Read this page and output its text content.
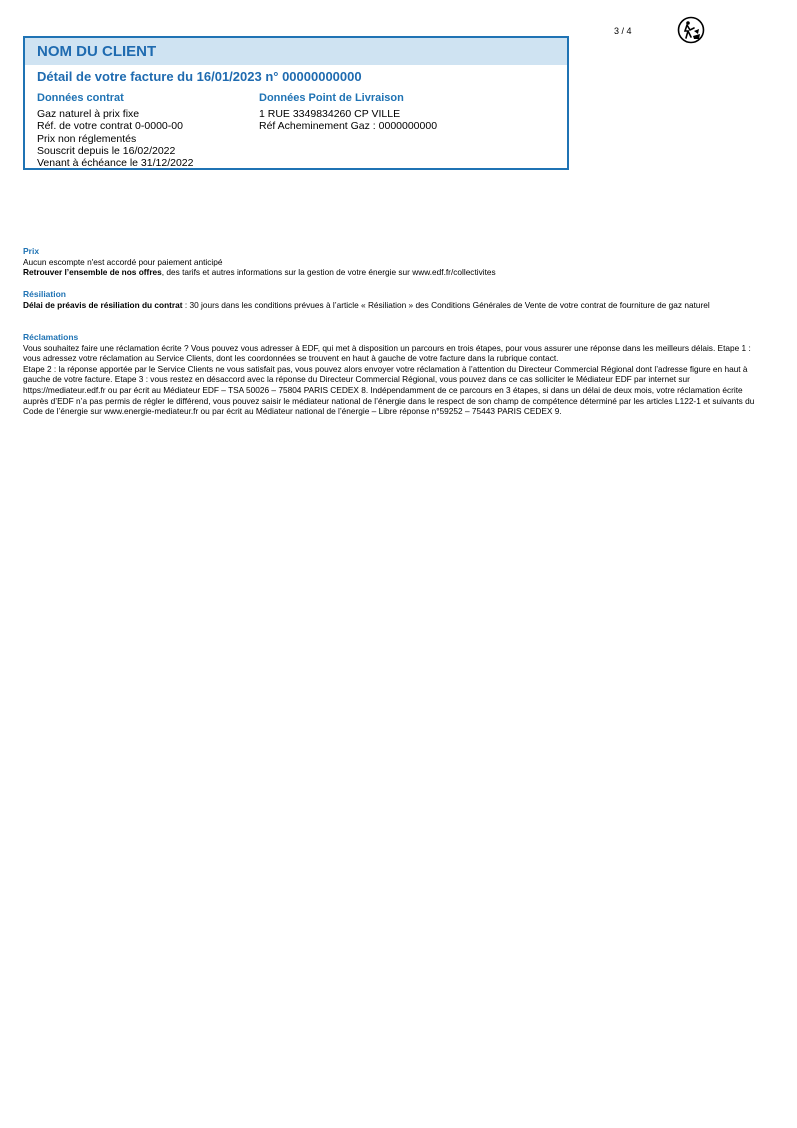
3 / 4
NOM DU CLIENT
Détail de votre facture du 16/01/2023 n° 00000000000
Données contrat
Gaz naturel à prix fixe
Réf. de votre contrat 0-0000-00
Prix non réglementés
Souscrit depuis le 16/02/2022
Venant à échéance le 31/12/2022
Données Point de Livraison
1 RUE 3349834260 CP VILLE
Réf Acheminement Gaz : 0000000000
Prix
Aucun escompte n'est accordé pour paiement anticipé
Retrouver l’ensemble de nos offres, des tarifs et autres informations sur la gestion de votre énergie sur www.edf.fr/collectivites
Résiliation
Délai de préavis de résiliation du contrat : 30 jours dans les conditions prévues à l’article « Résiliation » des Conditions Générales de Vente de votre contrat de fourniture de gaz naturel
Réclamations
Vous souhaitez faire une réclamation écrite ? Vous pouvez vous adresser à EDF, qui met à disposition un parcours en trois étapes, pour vous assurer une réponse dans les meilleurs délais. Etape 1 : vous adressez votre réclamation au Service Clients, dont les coordonnées se trouvent en haut à gauche de votre facture dans la rubrique contact.
Etape 2 : la réponse apportée par le Service Clients ne vous satisfait pas, vous pouvez alors envoyer votre réclamation à l’attention du Directeur Commercial Régional dont l’adresse figure en haut à gauche de votre facture. Etape 3 : vous restez en désaccord avec la réponse du Directeur Commercial Régional, vous pouvez dans ce cas solliciter le Médiateur EDF par internet sur https://mediateur.edf.fr ou par écrit au Médiateur EDF – TSA 50026 – 75804 PARIS CEDEX 8. Indépendamment de ce parcours en 3 étapes, si dans un délai de deux mois, votre réclamation écrite auprès d’EDF n’a pas permis de régler le différend, vous pouvez saisir le médiateur national de l’énergie dans le respect de son champ de compétence déterminé par les articles L122-1 et suivants du Code de l’énergie sur www.energie-mediateur.fr ou par écrit au Médiateur national de l’énergie – Libre réponse n°59252 – 75443 PARIS CEDEX 9.
